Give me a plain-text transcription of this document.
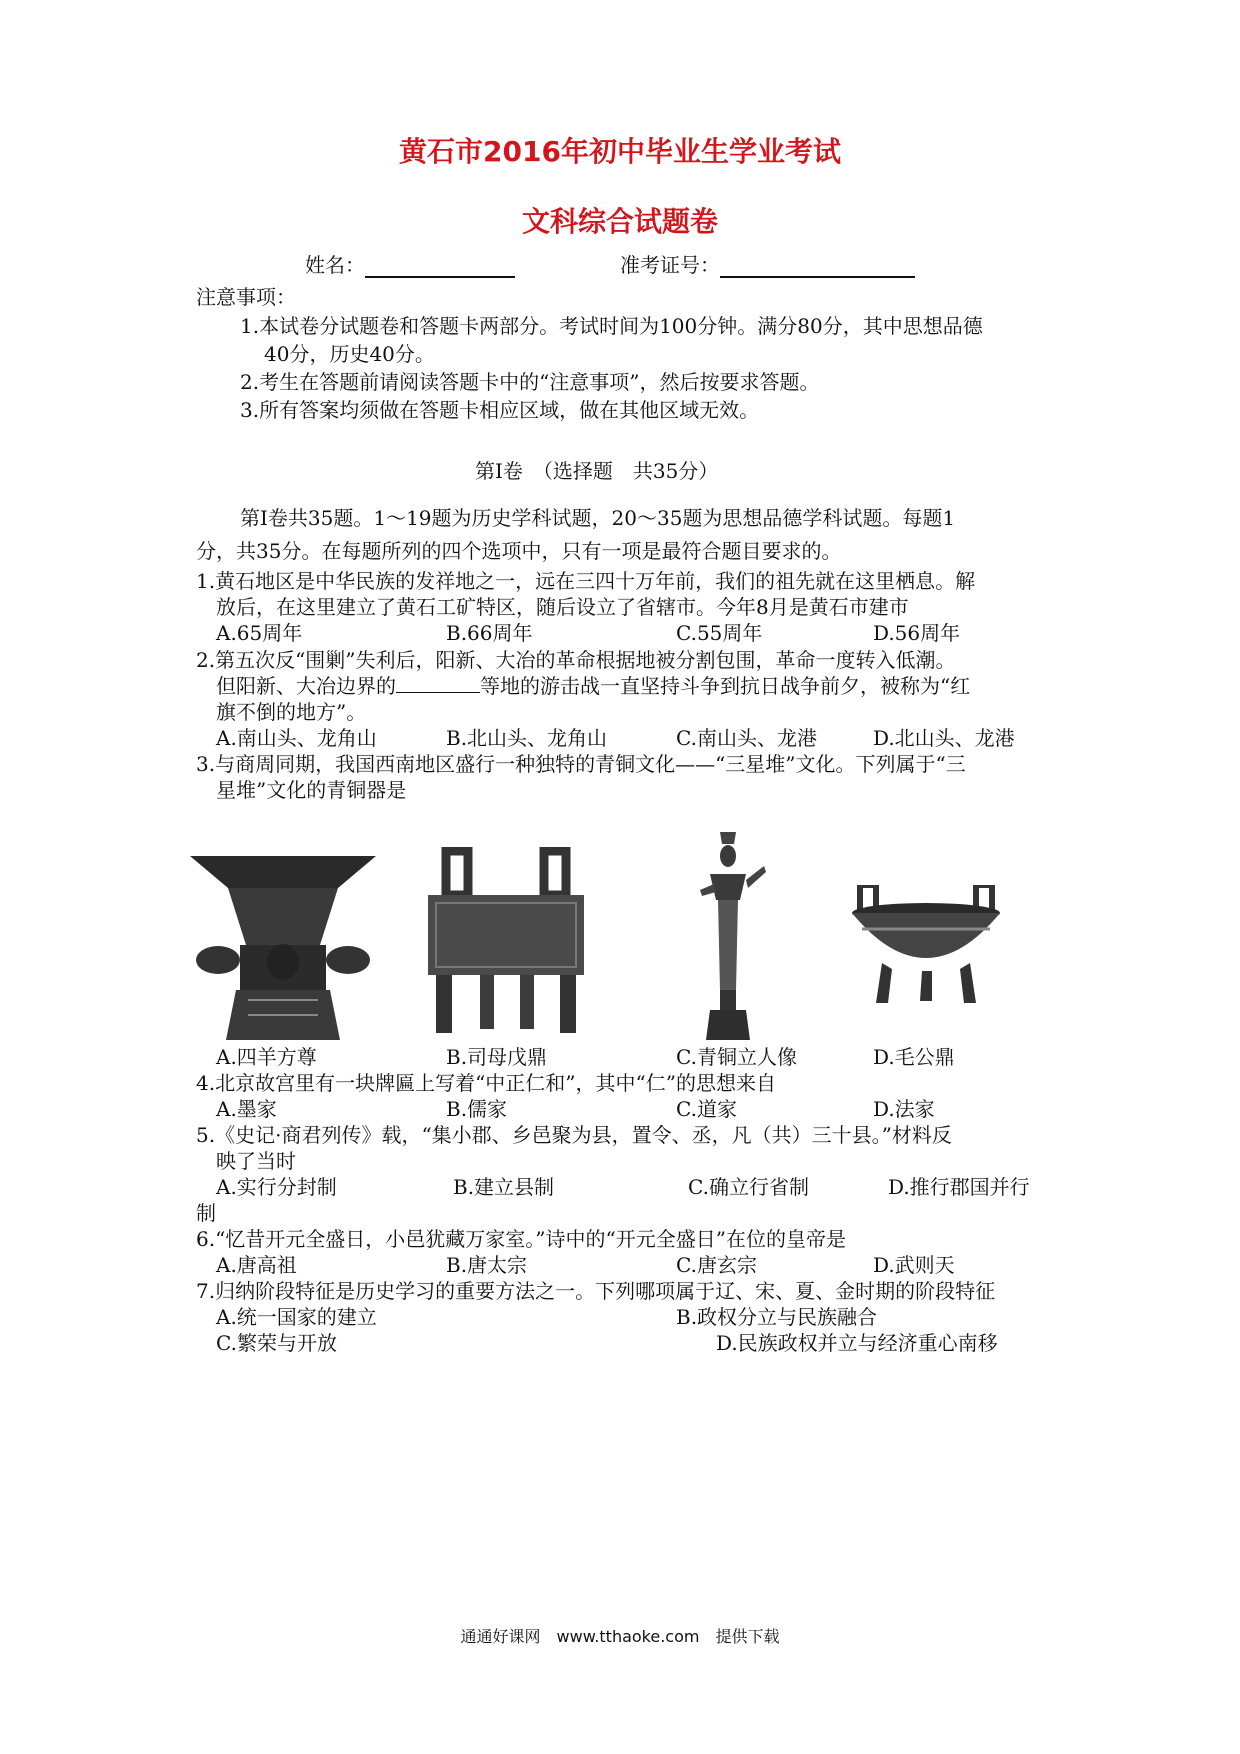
黄石市2016年初中毕业生学业考试
文科综合试题卷
姓名：	准考证号：
注意事项：
1.本试卷分试题卷和答题卡两部分。考试时间为100分钟。满分80分，其中思想品德
40分，历史40分。
2.考生在答题前请阅读答题卡中的“注意事项”，然后按要求答题。
3.所有答案均须做在答题卡相应区域，做在其他区域无效。
第Ⅰ卷　（选择题　共35分）
第Ⅰ卷共35题。1～19题为历史学科试题，20～35题为思想品德学科试题。每题1
分，共35分。在每题所列的四个选项中，只有一项是最符合题目要求的。
1.黄石地区是中华民族的发祥地之一，远在三四十万年前，我们的祖先就在这里栖息。解
放后，在这里建立了黄石工矿特区，随后设立了省辖市。今年8月是黄石市建市
A.65周年	B.66周年	C.55周年	D.56周年
2.第五次反“围剿”失利后，阳新、大冶的革命根据地被分割包围，革命一度转入低潮。
但阳新、大冶边界的	等地的游击战一直坚持斗争到抗日战争前夕，被称为“红
旗不倒的地方”。
A.南山头、龙角山	B.北山头、龙角山	C.南山头、龙港	D.北山头、龙港
3.与商周同期，我国西南地区盛行一种独特的青铜文化——“三星堆”文化。下列属于“三
星堆”文化的青铜器是
A.四羊方尊	B.司母戊鼎	C.青铜立人像	D.毛公鼎
4.北京故宫里有一块牌匾上写着“中正仁和”，其中“仁”的思想来自
A.墨家	B.儒家	C.道家	D.法家
5.《史记·商君列传》载，“集小郡、乡邑聚为县，置令、丞，凡（共）三十县。”材料反
映了当时
A.实行分封制	B.建立县制	C.确立行省制	D.推行郡国并行
制
6.“忆昔开元全盛日，小邑犹藏万家室。”诗中的“开元全盛日”在位的皇帝是
A.唐高祖	B.唐太宗	C.唐玄宗	D.武则天
7.归纳阶段特征是历史学习的重要方法之一。下列哪项属于辽、宋、夏、金时期的阶段特征
A.统一国家的建立	B.政权分立与民族融合
C.繁荣与开放	D.民族政权并立与经济重心南移
通通好课网　www.tthaoke.com　提供下载
